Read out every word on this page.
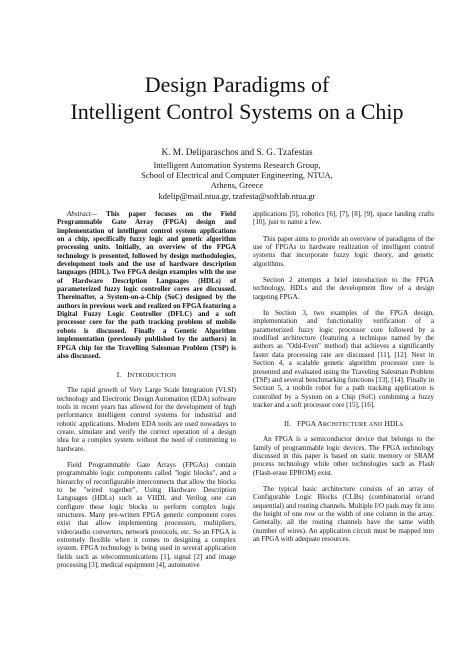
Design Paradigms of
Intelligent Control Systems on a Chip
K. M. Deliparaschos and S. G. Tzafestas
Intelligent Automation Systems Research Group,
School of Electrical and Computer Engineering, NTUA,
Athens, Greece
kdelip@mail.ntua.gr, tzafesta@softlab.ntua.gr

Abstract— This paper focuses on the Field Programmable Gate Array (FPGA) design and implementation of intelligent control system applications on a chip, specifically fuzzy logic and genetic algorithm processing units. Initially, an overview of the FPGA technology is presented, followed by design methodologies, development tools and the use of hardware description languages (HDL). Two FPGA design examples with the use of Hardware Description Languages (HDLs) of parameterized fuzzy logic controller cores are discussed. Thereinafter, a System-on-a-Chip (SoC) designed by the authors in previous work and realized on FPGA featuring a Digital Fuzzy Logic Controller (DFLC) and a soft processor core for the path tracking problem of mobile robots is discussed. Finally a Genetic Algorithm implementation (previously published by the authors) in FPGA chip for the Travelling Salesman Problem (TSP) is also discussed.

I. INTRODUCTION

The rapid growth of Very Large Scale Integration (VLSI) technology and Electronic Design Automation (EDA) software tools in recent years has allowed for the development of high performance intelligent control systems for industrial and robotic applications. Modern EDA tools are used nowadays to create, simulate and verify the correct operation of a design idea for a complex system without the need of committing to hardware.

Field Programmable Gate Arrays (FPGAs) contain programmable logic components called "logic blocks", and a hierarchy of reconfigurable interconnects that allow the blocks to be "wired together". Using Hardware Description Languages (HDLs) such as VHDL and Verilog one can configure these logic blocks to perform complex logic structures. Many pre-written FPGA generic component cores exist that allow implementing processors, multipliers, video/audio converters, network protocols, etc. So an FPGA is extremely flexible when it comes to designing a complex system. FPGA technology is being used in several application fields such as telecommunications [1], signal [2] and image processing [3], medical equipment [4], automotive

applications [5], robotics [6], [7], [8], [9], space landing crafts [10], just to name a few.

This paper aims to provide an overview of paradigms of the use of FPGAs to hardware realization of intelligent control systems that incorporate fuzzy logic theory, and genetic algorithms.

Section 2 attempts a brief introduction to the FPGA technology, HDLs and the development flow of a design targeting FPGA.

In Section 3, two examples of the FPGA design, implementation and functionality verification of a parameterized fuzzy logic processor core followed by a modified architecture (featuring a technique named by the authors as "Odd-Even" method) that achieves a significantly faster data processing rate are discussed [11], [12]. Next in Section 4, a scalable genetic algorithm processor core is presented and evaluated using the Traveling Salesman Problem (TSP) and several benchmarking functions [13], [14]. Finally in Section 5, a mobile robot for a path tracking application is controlled by a System on a Chip (SoC) combining a fuzzy tracker and a soft processor core [15], [16].

II. FPGA ARCHITECTURE AND HDLs

An FPGA is a semiconductor device that belongs to the family of programmable logic devices. The FPGA technology discussed in this paper is based on static memory or SRAM process technology while other technologies such as Flash (Flash-erase EPROM) exist.

The typical basic architecture consists of an array of Configurable Logic Blocks (CLBs) (combinatorial or/and sequential) and routing channels. Multiple I/O pads may fit into the height of one row or the width of one column in the array. Generally, all the routing channels have the same width (number of wires). An application circuit must be mapped into an FPGA with adequate resources.
